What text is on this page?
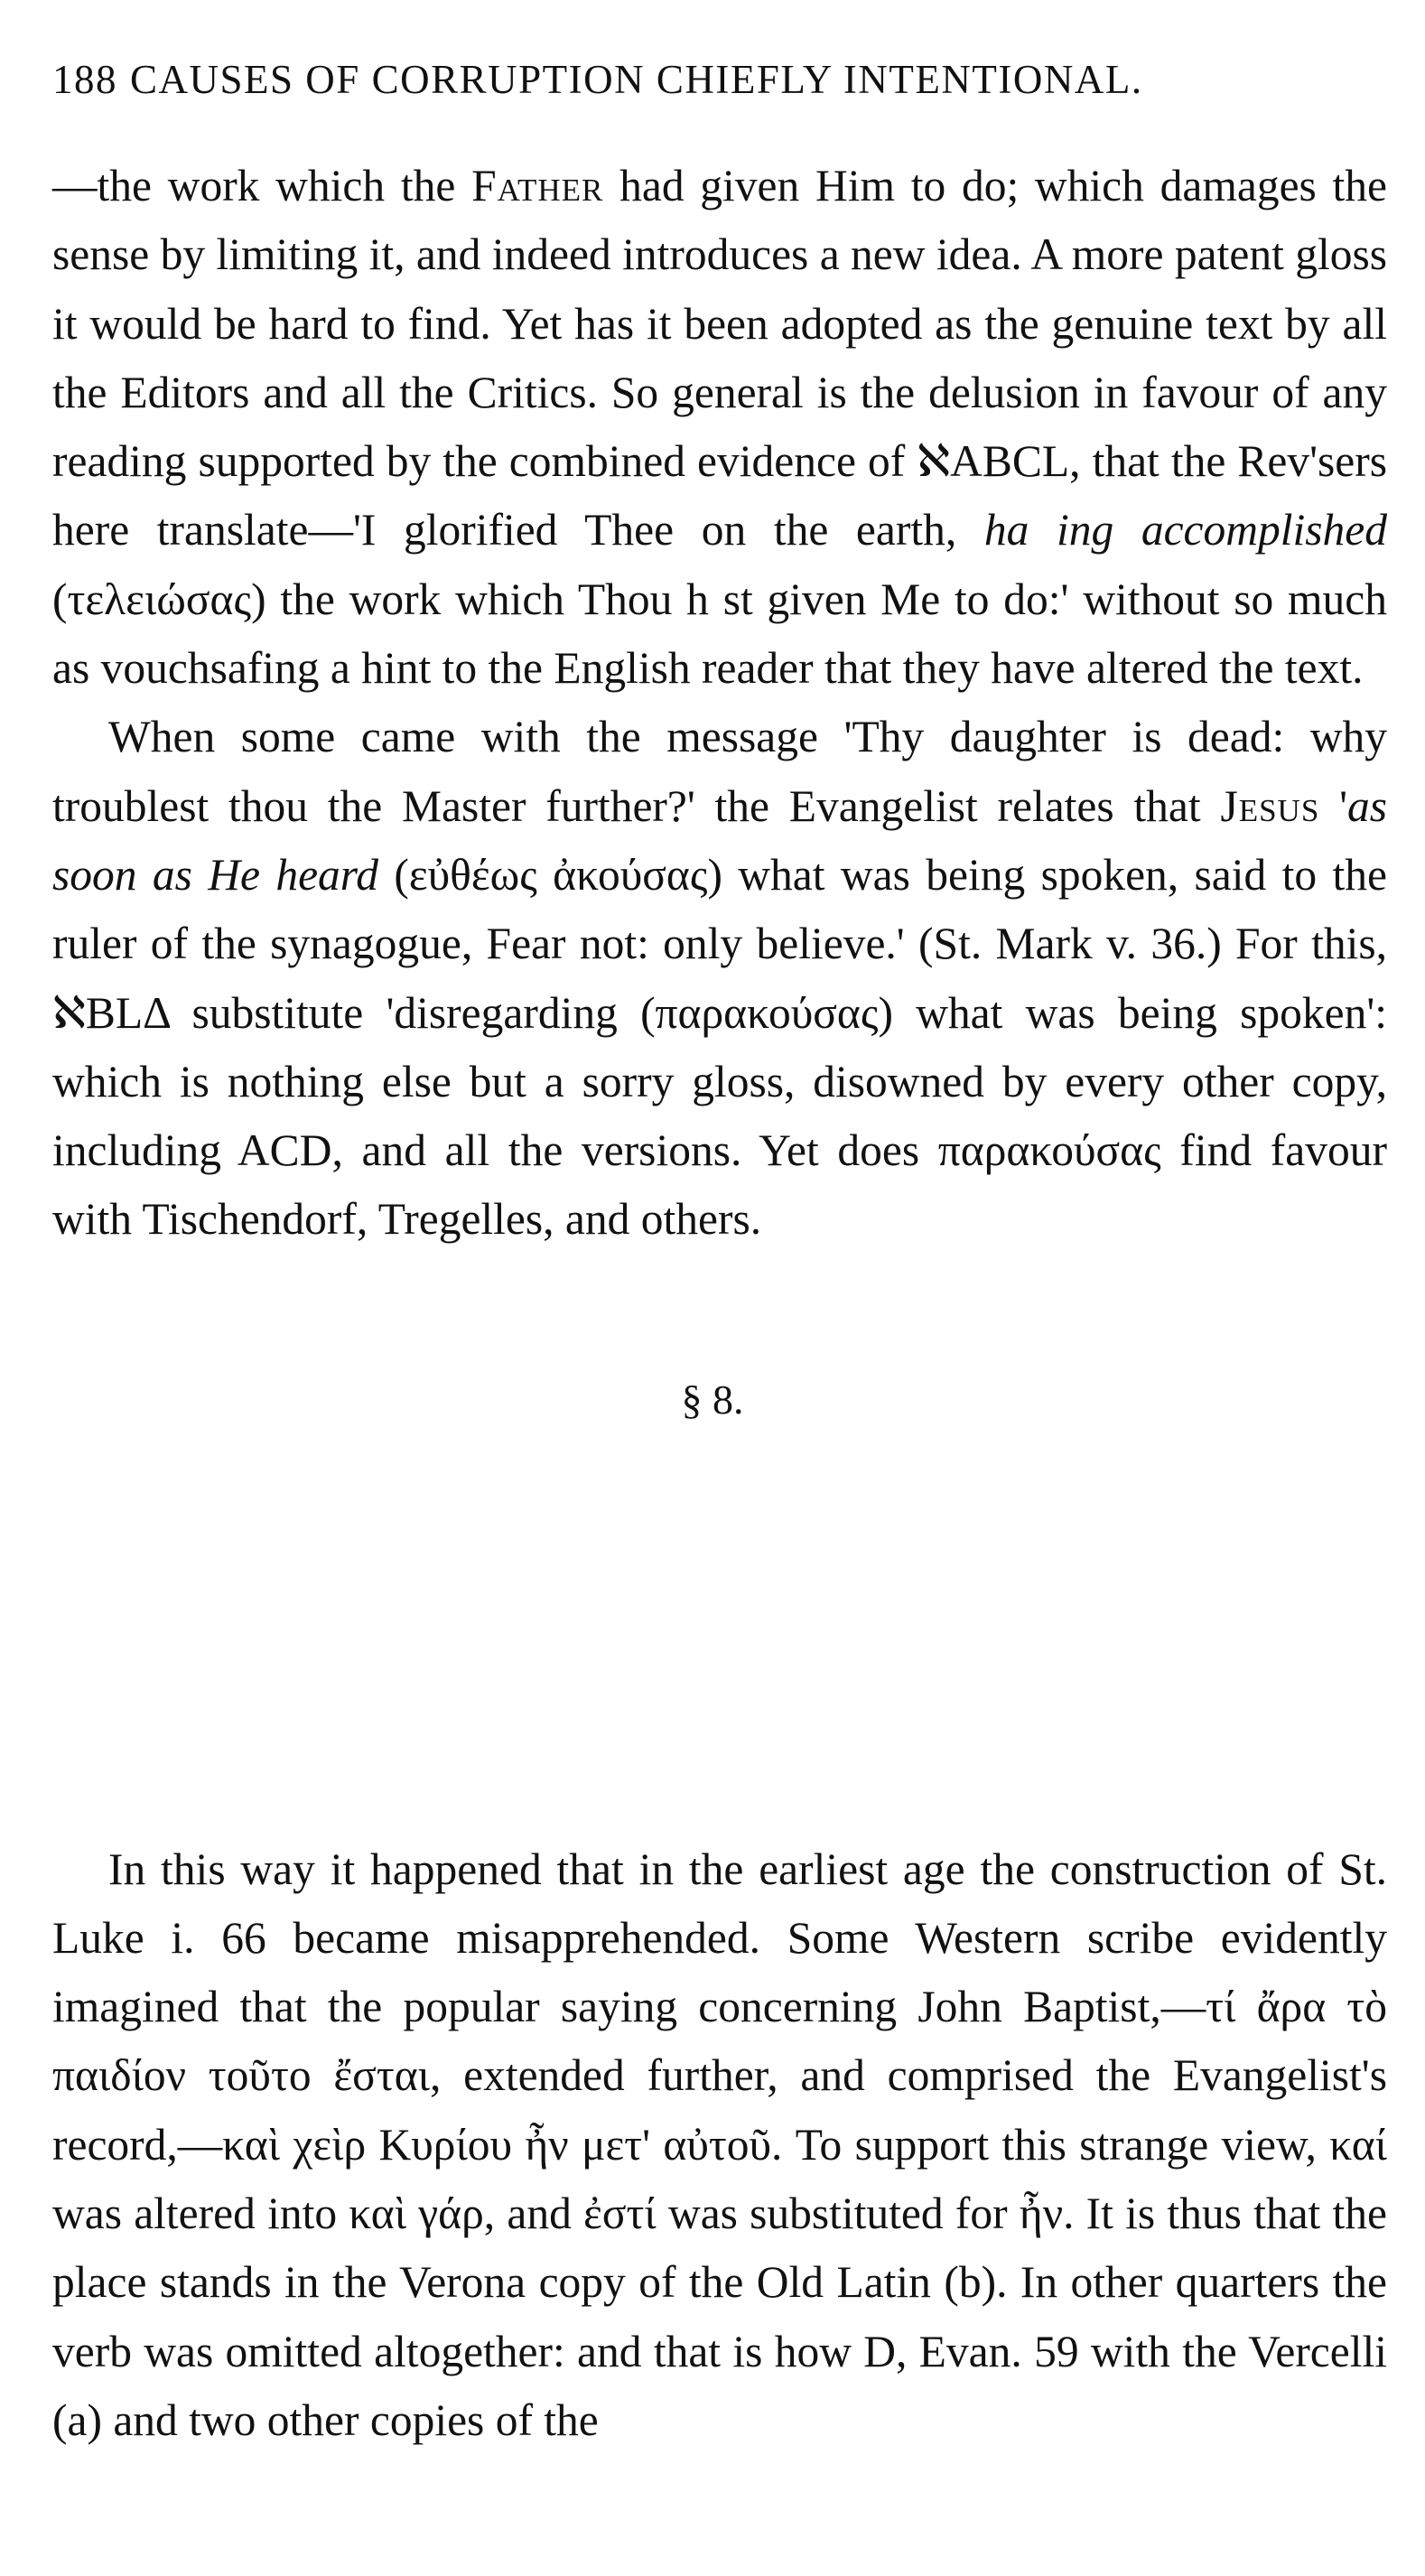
188 CAUSES OF CORRUPTION CHIEFLY INTENTIONAL.

—the work which the Father had given Him to do; which damages the sense by limiting it, and indeed introduces a new idea. A more patent gloss it would be hard to find. Yet has it been adopted as the genuine text by all the Editors and all the Critics. So general is the delusion in favour of any reading supported by the combined evidence of ℵABCL, that the Rev'sers here translate—'I glorified Thee on the earth, ha ing accomplished (τελειώσας) the work which Thou h st given Me to do:' without so much as vouchsafing a hint to the English reader that they have altered the text.

When some came with the message 'Thy daughter is dead: why troublest thou the Master further?' the Evangelist relates that Jesus 'as soon as He heard (εὐθέως ἀκούσας) what was being spoken, said to the ruler of the synagogue, Fear not: only believe.' (St. Mark v. 36.) For this, ℵBLΔ substitute 'disregarding (παρακούσας) what was being spoken': which is nothing else but a sorry gloss, disowned by every other copy, including ACD, and all the versions. Yet does παρακούσας find favour with Tischendorf, Tregelles, and others.

§ 8.

In this way it happened that in the earliest age the construction of St. Luke i. 66 became misapprehended. Some Western scribe evidently imagined that the popular saying concerning John Baptist,—τί ἄρα τὸ παιδίον τοῦτο ἔσται, extended further, and comprised the Evangelist's record,—καὶ χεὶρ Κυρίου ἦν μετ' αὐτοῦ. To support this strange view, καί was altered into καὶ γάρ, and ἐστί was substituted for ἦν. It is thus that the place stands in the Verona copy of the Old Latin (b). In other quarters the verb was omitted altogether: and that is how D, Evan. 59 with the Vercelli (a) and two other copies of the
